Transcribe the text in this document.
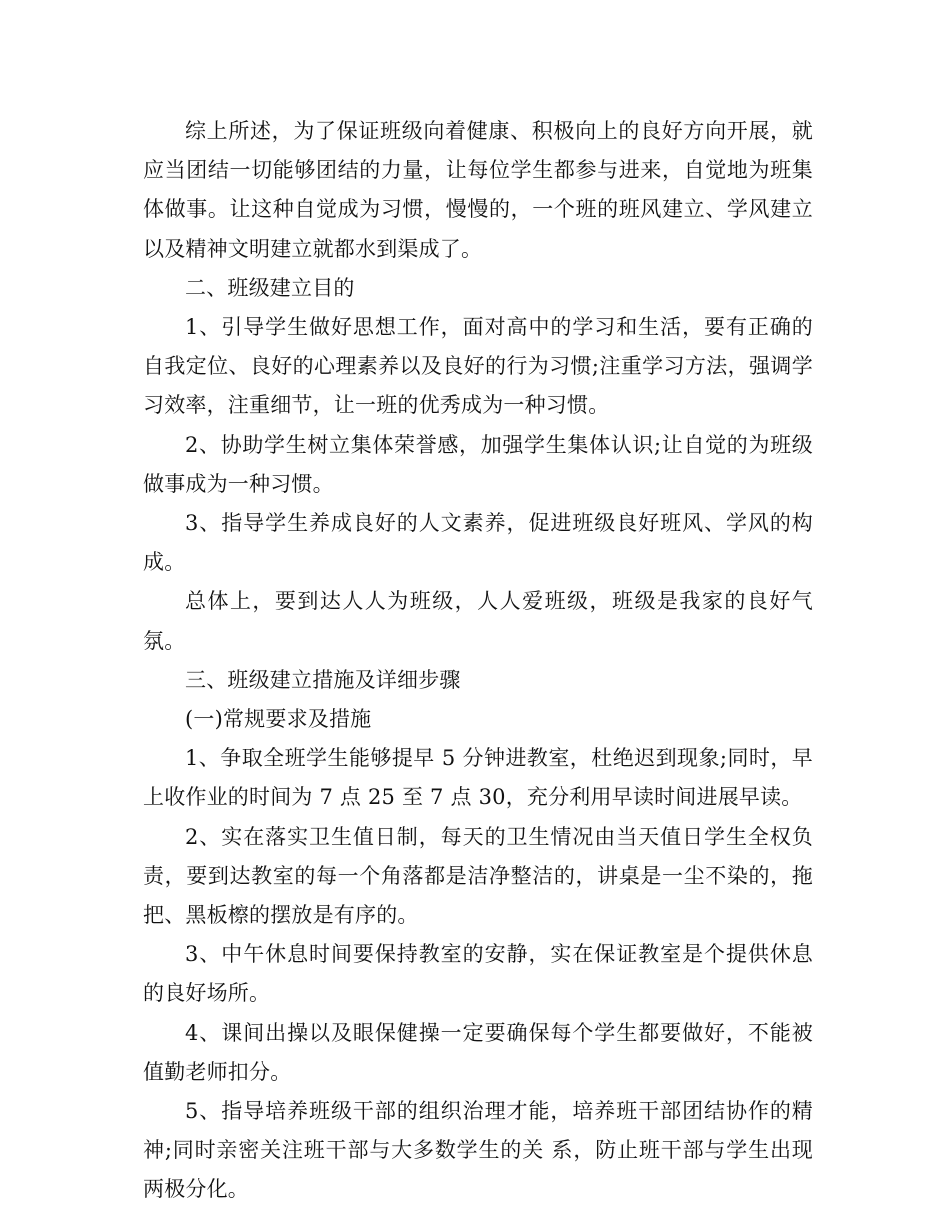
综上所述，为了保证班级向着健康、积极向上的良好方向开展，就应当团结一切能够团结的力量，让每位学生都参与进来，自觉地为班集体做事。让这种自觉成为习惯，慢慢的，一个班的班风建立、学风建立以及精神文明建立就都水到渠成了。

二、班级建立目的

1、引导学生做好思想工作，面对高中的学习和生活，要有正确的自我定位、良好的心理素养以及良好的行为习惯;注重学习方法，强调学习效率，注重细节，让一班的优秀成为一种习惯。

2、协助学生树立集体荣誉感，加强学生集体认识;让自觉的为班级做事成为一种习惯。

3、指导学生养成良好的人文素养，促进班级良好班风、学风的构成。

总体上，要到达人人为班级，人人爱班级，班级是我家的良好气氛。

三、班级建立措施及详细步骤

(一)常规要求及措施

1、争取全班学生能够提早 5 分钟进教室，杜绝迟到现象;同时，早上收作业的时间为 7 点 25 至 7 点 30，充分利用早读时间进展早读。

2、实在落实卫生值日制，每天的卫生情况由当天值日学生全权负责，要到达教室的每一个角落都是洁净整洁的，讲桌是一尘不染的，拖把、黑板檫的摆放是有序的。

3、中午休息时间要保持教室的安静，实在保证教室是个提供休息的良好场所。

4、课间出操以及眼保健操一定要确保每个学生都要做好，不能被值勤老师扣分。

5、指导培养班级干部的组织治理才能，培养班干部团结协作的精神;同时亲密关注班干部与大多数学生的关 系，防止班干部与学生出现两极分化。
